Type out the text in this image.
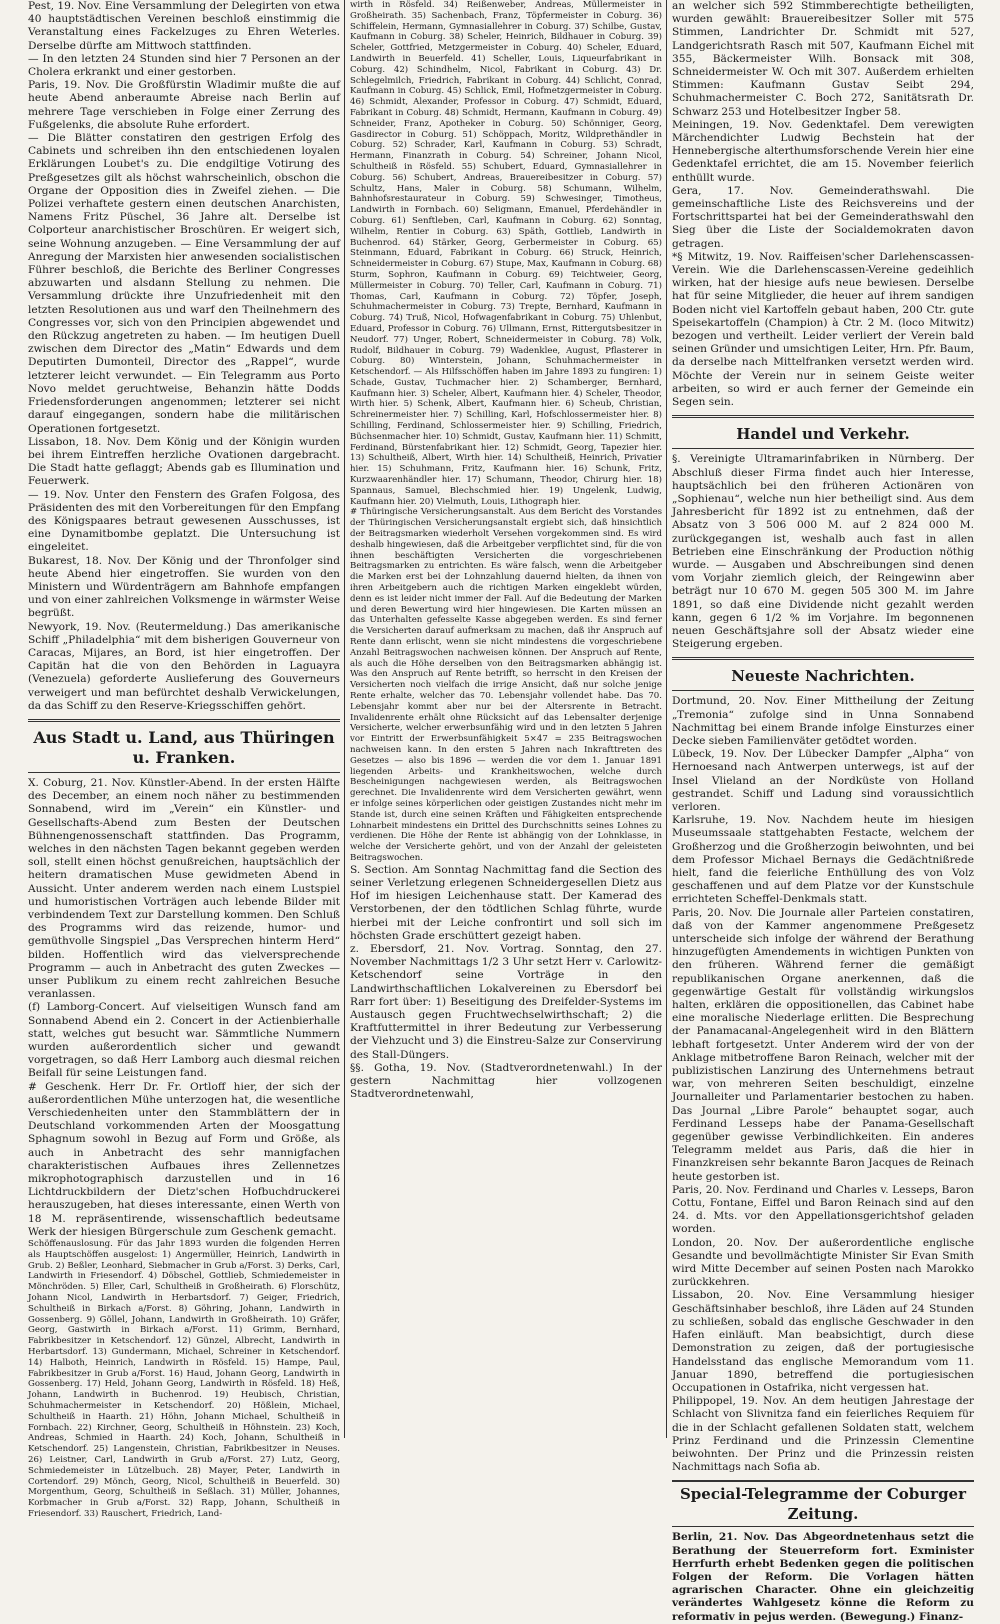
Pest, 19. Nov. Eine Versammlung der Delegirten von etwa 40 hauptstädtischen Vereinen beschloß einstimmig die Veranstaltung eines Fackelzuges zu Ehren Weterles. Derselbe dürfte am Mittwoch stattfinden.

— In den letzten 24 Stunden sind hier 7 Personen an der Cholera erkrankt und einer gestorben.

Paris, 19. Nov. Die Großfürstin Wladimir mußte die auf heute Abend anberaumte Abreise nach Berlin auf mehrere Tage verschieben in Folge einer Zerrung des Fußgelenks, die absolute Ruhe erfordert.

— Die Blätter constatiren den gestrigen Erfolg des Cabinets und schreiben ihn den entschiedenen loyalen Erklärungen Loubet's zu. Die endgiltige Votirung des Preßgesetzes gilt als höchst wahrscheinlich, obschon die Organe der Opposition dies in Zweifel ziehen. — Die Polizei verhaftete gestern einen deutschen Anarchisten, Namens Fritz Püschel, 36 Jahre alt. Derselbe ist Colporteur anarchistischer Broschüren. Er weigert sich, seine Wohnung anzugeben. — Eine Versammlung der auf Anregung der Marxisten hier anwesenden socialistischen Führer beschloß, die Berichte des Berliner Congresses abzuwarten und alsdann Stellung zu nehmen. Die Versammlung drückte ihre Unzufriedenheit mit den letzten Resolutionen aus und warf den Theilnehmern des Congresses vor, sich von den Principien abgewendet und den Rückzug angetreten zu haben. — Im heutigen Duell zwischen dem Director des „Matin“ Edwards und dem Deputirten Dumonteil, Director des „Rappel“, wurde letzterer leicht verwundet. — Ein Telegramm aus Porto Novo meldet geruchtweise, Behanzin hätte Dodds Friedensforderungen angenommen; letzterer sei nicht darauf eingegangen, sondern habe die militärischen Operationen fortgesetzt.

Lissabon, 18. Nov. Dem König und der Königin wurden bei ihrem Eintreffen herzliche Ovationen dargebracht. Die Stadt hatte geflaggt; Abends gab es Illumination und Feuerwerk.

— 19. Nov. Unter den Fenstern des Grafen Folgosa, des Präsidenten des mit den Vorbereitungen für den Empfang des Königspaares betraut gewesenen Ausschusses, ist eine Dynamitbombe geplatzt. Die Untersuchung ist eingeleitet.

Bukarest, 18. Nov. Der König und der Thronfolger sind heute Abend hier eingetroffen. Sie wurden von den Ministern und Würdenträgern am Bahnhofe empfangen und von einer zahlreichen Volksmenge in wärmster Weise begrüßt.

Newyork, 19. Nov. (Reutermeldung.) Das amerikanische Schiff „Philadelphia“ mit dem bisherigen Gouverneur von Caracas, Mijares, an Bord, ist hier eingetroffen. Der Capitän hat die von den Behörden in Laguayra (Venezuela) geforderte Auslieferung des Gouverneurs verweigert und man befürchtet deshalb Verwickelungen, da das Schiff zu den Reserve-Kriegsschiffen gehört.

Aus Stadt u. Land, aus Thüringen u. Franken.

X. Coburg, 21. Nov. Künstler-Abend. In der ersten Hälfte des December, an einem noch näher zu bestimmenden Sonnabend, wird im „Verein“ ein Künstler- und Gesellschafts-Abend zum Besten der Deutschen Bühnengenossenschaft stattfinden. Das Programm, welches in den nächsten Tagen bekannt gegeben werden soll, stellt einen höchst genußreichen, hauptsächlich der heitern dramatischen Muse gewidmeten Abend in Aussicht. Unter anderem werden nach einem Lustspiel und humoristischen Vorträgen auch lebende Bilder mit verbindendem Text zur Darstellung kommen. Den Schluß des Programms wird das reizende, humor- und gemüthvolle Singspiel „Das Versprechen hinterm Herd“ bilden. Hoffentlich wird das vielversprechende Programm — auch in Anbetracht des guten Zweckes — unser Publikum zu einem recht zahlreichen Besuche veranlassen.

(f) Lamborg-Concert. Auf vielseitigen Wunsch fand am Sonnabend Abend ein 2. Concert in der Actienbierhalle statt, welches gut besucht war. Sämmtliche Nummern wurden außerordentlich sicher und gewandt vorgetragen, so daß Herr Lamborg auch diesmal reichen Beifall für seine Leistungen fand.

# Geschenk. Herr Dr. Fr. Ortloff hier, der sich der außerordentlichen Mühe unterzogen hat, die wesentliche Verschiedenheiten unter den Stammblättern der in Deutschland vorkommenden Arten der Moosgattung Sphagnum sowohl in Bezug auf Form und Größe, als auch in Anbetracht des sehr mannigfachen charakteristischen Aufbaues ihres Zellennetzes mikrophotographisch darzustellen und in 16 Lichtdruckbildern der Dietz'schen Hofbuchdruckerei herauszugeben, hat dieses interessante, einen Werth von 18 M. repräsentirende, wissenschaftlich bedeutsame Werk der hiesigen Bürgerschule zum Geschenk gemacht.

Schöffenauslosung. Für das Jahr 1893 wurden die folgenden Herren als Hauptschöffen ausgelost: 1) Angermüller, Heinrich, Landwirth in Grub. 2) Beßler, Leonhard, Siebmacher in Grub a/Forst. 3) Derks, Carl, Landwirth in Friesendorf. 4) Döbschel, Gottlieb, Schmiedemeister in Mönchröden. 5) Eller, Carl, Schultheiß in Großheirath. 6) Florschütz, Johann Nicol, Landwirth in Herbartsdorf. 7) Geiger, Friedrich, Schultheiß in Birkach a/Forst. 8) Göhring, Johann, Landwirth in Gossenberg. 9) Göllel, Johann, Landwirth in Großheirath. 10) Gräfer, Georg, Gastwirth in Birkach a/Forst. 11) Grimm, Bernhard, Fabrikbesitzer in Ketschendorf. 12) Günzel, Albrecht, Landwirth in Herbartsdorf. 13) Gundermann, Michael, Schreiner in Ketschendorf. 14) Halboth, Heinrich, Landwirth in Rösfeld. 15) Hampe, Paul, Fabrikbesitzer in Grub a/Forst. 16) Haud, Johann Georg, Landwirth in Gossenberg. 17) Held, Johann Georg, Landwirth in Rösfeld. 18) Heß, Johann, Landwirth in Buchenrod. 19) Heubisch, Christian, Schuhmachermeister in Ketschendorf. 20) Hößlein, Michael, Schultheiß in Haarth. 21) Höhn, Johann Michael, Schultheiß in Fornbach. 22) Kirchner, Georg, Schultheiß in Höhnstein. 23) Koch, Andreas, Schmied in Haarth. 24) Koch, Johann, Schultheiß in Ketschendorf. 25) Langenstein, Christian, Fabrikbesitzer in Neuses. 26) Leistner, Carl, Landwirth in Grub a/Forst. 27) Lutz, Georg, Schmiedemeister in Lützelbuch. 28) Mayer, Peter, Landwirth in Cortendorf. 29) Mönch, Georg, Nicol, Schultheiß in Beuerfeld. 30) Morgenthum, Georg, Schultheiß in Seßlach. 31) Müller, Johannes, Korbmacher in Grub a/Forst. 32) Rapp, Johann, Schultheiß in Friesendorf. 33) Rauschert, Friedrich, Land-

wirth in Rösfeld. 34) Reißenweber, Andreas, Müllermeister in Großheirath. 35) Sachenbach, Franz, Töpfermeister in Coburg. 36) Schiffelein, Hermann, Gymnasiallehrer in Coburg. 37) Schilbe, Gustav, Kaufmann in Coburg. 38) Scheler, Heinrich, Bildhauer in Coburg. 39) Scheler, Gottfried, Metzgermeister in Coburg. 40) Scheler, Eduard, Landwirth in Beuerfeld. 41) Scheller, Louis, Liqueurfabrikant in Coburg. 42) Schindhelm, Nicol, Fabrikant in Coburg. 43) Dr. Schlegelmilch, Friedrich, Fabrikant in Coburg. 44) Schlicht, Conrad, Kaufmann in Coburg. 45) Schlick, Emil, Hofmetzgermeister in Coburg. 46) Schmidt, Alexander, Professor in Coburg. 47) Schmidt, Eduard, Fabrikant in Coburg. 48) Schmidt, Hermann, Kaufmann in Coburg. 49) Schneider, Franz, Apotheker in Coburg. 50) Schönniger, Georg, Gasdirector in Coburg. 51) Schöppach, Moritz, Wildprethändler in Coburg. 52) Schrader, Karl, Kaufmann in Coburg. 53) Schradt, Hermann, Finanzrath in Coburg. 54) Schreiner, Johann Nicol, Schultheiß in Rösfeld. 55) Schubert, Eduard, Gymnasiallehrer in Coburg. 56) Schubert, Andreas, Brauereibesitzer in Coburg. 57) Schultz, Hans, Maler in Coburg. 58) Schumann, Wilhelm, Bahnhofsrestaurateur in Coburg. 59) Schwesinger, Timotheus, Landwirth in Fornbach. 60) Seligmann, Emanuel, Pferdehändler in Coburg. 61) Senftleben, Carl, Kaufmann in Coburg. 62) Sonntag, Wilhelm, Rentier in Coburg. 63) Späth, Gottlieb, Landwirth in Buchenrod. 64) Stärker, Georg, Gerbermeister in Coburg. 65) Steinmann, Eduard, Fabrikant in Coburg. 66) Struck, Heinrich, Schneidermeister in Coburg. 67) Stupe, Max, Kaufmann in Coburg. 68) Sturm, Sophron, Kaufmann in Coburg. 69) Teichtweier, Georg, Müllermeister in Coburg. 70) Teller, Carl, Kaufmann in Coburg. 71) Thomas, Carl, Kaufmann in Coburg. 72) Töpfer, Joseph, Schuhmachermeister in Coburg. 73) Trepte, Bernhard, Kaufmann in Coburg. 74) Truß, Nicol, Hofwagenfabrikant in Coburg. 75) Uhlenbut, Eduard, Professor in Coburg. 76) Ullmann, Ernst, Rittergutsbesitzer in Neudorf. 77) Unger, Robert, Schneidermeister in Coburg. 78) Volk, Rudolf, Bildhauer in Coburg. 79) Wadenklee, August, Pflasterer in Coburg. 80) Winterstein, Johann, Schuhmachermeister in Ketschendorf. — Als Hilfsschöffen haben im Jahre 1893 zu fungiren: 1) Schade, Gustav, Tuchmacher hier. 2) Schamberger, Bernhard, Kaufmann hier. 3) Scheler, Albert, Kaufmann hier. 4) Scheler, Theodor, Wirth hier. 5) Schenk, Albert, Kaufmann hier. 6) Scheub, Christian, Schreinermeister hier. 7) Schilling, Karl, Hofschlossermeister hier. 8) Schilling, Ferdinand, Schlossermeister hier. 9) Schilling, Friedrich, Büchsenmacher hier. 10) Schmidt, Gustav, Kaufmann hier. 11) Schmitt, Ferdinand, Bürstenfabrikant hier. 12) Schmidt, Georg, Tapezier hier. 13) Schultheiß, Albert, Wirth hier. 14) Schultheiß, Heinrich, Privatier hier. 15) Schuhmann, Fritz, Kaufmann hier. 16) Schunk, Fritz, Kurzwaarenhändler hier. 17) Schumann, Theodor, Chirurg hier. 18) Spannaus, Samuel, Blechschmied hier. 19) Ungelenk, Ludwig, Kaufmann hier. 20) Vielmuth, Louis, Lithograph hier.

# Thüringische Versicherungsanstalt. Aus dem Bericht des Vorstandes der Thüringischen Versicherungsanstalt ergiebt sich, daß hinsichtlich der Beitragsmarken wiederholt Versehen vorgekommen sind. Es wird deshalb hingewiesen, daß die Arbeitgeber verpflichtet sind, für die von ihnen beschäftigten Versicherten die vorgeschriebenen Beitragsmarken zu entrichten. Es wäre falsch, wenn die Arbeitgeber die Marken erst bei der Lohnzahlung dauernd hielten, da ihnen von ihren Arbeitgebern auch die richtigen Marken eingeklebt würden, denn es ist leider nicht immer der Fall. Auf die Bedeutung der Marken und deren Bewertung wird hier hingewiesen. Die Karten müssen an das Unterhalten gefesselte Kasse abgegeben werden. Es sind ferner die Versicherten darauf aufmerksam zu machen, daß ihr Anspruch auf Rente dann erlischt, wenn sie nicht mindestens die vorgeschriebene Anzahl Beitragswochen nachweisen können. Der Anspruch auf Rente, als auch die Höhe derselben von den Beitragsmarken abhängig ist. Was den Anspruch auf Rente betrifft, so herrscht in den Kreisen der Versicherten noch vielfach die irrige Ansicht, daß nur solche jenige Rente erhalte, welcher das 70. Lebensjahr vollendet habe. Das 70. Lebensjahr kommt aber nur bei der Altersrente in Betracht. Invalidenrente erhält ohne Rücksicht auf das Lebensalter derjenige Versicherte, welcher erwerbsunfähig wird und in den letzten 5 Jahren vor Eintritt der Erwerbsunfähigkeit 5×47 = 235 Beitragswochen nachweisen kann. In den ersten 5 Jahren nach Inkrafttreten des Gesetzes — also bis 1896 — werden die vor dem 1. Januar 1891 liegenden Arbeits- und Krankheitswochen, welche durch Bescheinigungen nachgewiesen werden, als Beitragswochen gerechnet. Die Invalidenrente wird dem Versicherten gewährt, wenn er infolge seines körperlichen oder geistigen Zustandes nicht mehr im Stande ist, durch eine seinen Kräften und Fähigkeiten entsprechende Lohnarbeit mindestens ein Drittel des Durchschnitts seines Lohnes zu verdienen. Die Höhe der Rente ist abhängig von der Lohnklasse, in welche der Versicherte gehört, und von der Anzahl der geleisteten Beitragswochen.

S. Section. Am Sonntag Nachmittag fand die Section des seiner Verletzung erlegenen Schneidergesellen Dietz aus Hof im hiesigen Leichenhause statt. Der Kamerad des Verstorbenen, der den tödtlichen Schlag führte, wurde hierbei mit der Leiche confrontirt und soll sich im höchsten Grade erschüttert gezeigt haben.

z. Ebersdorf, 21. Nov. Vortrag. Sonntag, den 27. November Nachmittags 1/2 3 Uhr setzt Herr v. Carlowitz-Ketschendorf seine Vorträge in den Landwirthschaftlichen Lokalvereinen zu Ebersdorf bei Rarr fort über: 1) Beseitigung des Dreifelder-Systems im Austausch gegen Fruchtwechselwirthschaft; 2) die Kraftfuttermittel in ihrer Bedeutung zur Verbesserung der Viehzucht und 3) die Einstreu-Salze zur Conservirung des Stall-Düngers.

§§. Gotha, 19. Nov. (Stadtverordnetenwahl.) In der gestern Nachmittag hier vollzogenen Stadtverordnetenwahl,

an welcher sich 592 Stimmberechtigte betheiligten, wurden gewählt: Brauereibesitzer Soller mit 575 Stimmen, Landrichter Dr. Schmidt mit 527, Landgerichtsrath Rasch mit 507, Kaufmann Eichel mit 355, Bäckermeister Wilh. Bonsack mit 308, Schneidermeister W. Och mit 307. Außerdem erhielten Stimmen: Kaufmann Gustav Seibt 294, Schuhmachermeister C. Boch 272, Sanitätsrath Dr. Schwarz 253 und Hotelbesitzer Ingber 58.

Meiningen, 19. Nov. Gedenktafel. Dem verewigten Märchendichter Ludwig Bechstein hat der Hennebergische alterthumsforschende Verein hier eine Gedenktafel errichtet, die am 15. November feierlich enthüllt wurde.

Gera, 17. Nov. Gemeinderathswahl. Die gemeinschaftliche Liste des Reichsvereins und der Fortschrittspartei hat bei der Gemeinderathswahl den Sieg über die Liste der Socialdemokraten davon getragen.

*§ Mitwitz, 19. Nov. Raiffeisen'scher Darlehenscassen-Verein. Wie die Darlehenscassen-Vereine gedeihlich wirken, hat der hiesige aufs neue bewiesen. Derselbe hat für seine Mitglieder, die heuer auf ihrem sandigen Boden nicht viel Kartoffeln gebaut haben, 200 Ctr. gute Speisekartoffeln (Champion) à Ctr. 2 M. (loco Mitwitz) bezogen und vertheilt. Leider verliert der Verein bald seinen Gründer und umsichtigen Leiter, Hrn. Pfr. Baum, da derselbe nach Mittelfranken versetzt werden wird. Möchte der Verein nur in seinem Geiste weiter arbeiten, so wird er auch ferner der Gemeinde ein Segen sein.

Handel und Verkehr.

§. Vereinigte Ultramarinfabriken in Nürnberg. Der Abschluß dieser Firma findet auch hier Interesse, hauptsächlich bei den früheren Actionären von „Sophienau“, welche nun hier betheiligt sind. Aus dem Jahresbericht für 1892 ist zu entnehmen, daß der Absatz von 3 506 000 M. auf 2 824 000 M. zurückgegangen ist, weshalb auch fast in allen Betrieben eine Einschränkung der Production nöthig wurde. — Ausgaben und Abschreibungen sind denen vom Vorjahr ziemlich gleich, der Reingewinn aber beträgt nur 10 670 M. gegen 505 300 M. im Jahre 1891, so daß eine Dividende nicht gezahlt werden kann, gegen 6 1/2 % im Vorjahre. Im begonnenen neuen Geschäftsjahre soll der Absatz wieder eine Steigerung ergeben.

Neueste Nachrichten.

Dortmund, 20. Nov. Einer Mittheilung der Zeitung „Tremonia“ zufolge sind in Unna Sonnabend Nachmittag bei einem Brande infolge Einsturzes einer Decke sieben Familienväter getödtet worden.

Lübeck, 19. Nov. Der Lübecker Dampfer „Alpha“ von Hernoesand nach Antwerpen unterwegs, ist auf der Insel Vlieland an der Nordküste von Holland gestrandet. Schiff und Ladung sind voraussichtlich verloren.

Karlsruhe, 19. Nov. Nachdem heute im hiesigen Museumssaale stattgehabten Festacte, welchem der Großherzog und die Großherzogin beiwohnten, und bei dem Professor Michael Bernays die Gedächtnißrede hielt, fand die feierliche Enthüllung des von Volz geschaffenen und auf dem Platze vor der Kunstschule errichteten Scheffel-Denkmals statt.

Paris, 20. Nov. Die Journale aller Parteien constatiren, daß von der Kammer angenommene Preßgesetz unterscheide sich infolge der während der Berathung hinzugefügten Amendements in wichtigen Punkten von den früheren. Während ferner die gemäßigt republikanischen Organe anerkennen, daß die gegenwärtige Gestalt für vollständig wirkungslos halten, erklären die oppositionellen, das Cabinet habe eine moralische Niederlage erlitten. Die Besprechung der Panamacanal-Angelegenheit wird in den Blättern lebhaft fortgesetzt. Unter Anderem wird der von der Anklage mitbetroffene Baron Reinach, welcher mit der publizistischen Lanzirung des Unternehmens betraut war, von mehreren Seiten beschuldigt, einzelne Journalleiter und Parlamentarier bestochen zu haben. Das Journal „Libre Parole“ behauptet sogar, auch Ferdinand Lesseps habe der Panama-Gesellschaft gegenüber gewisse Verbindlichkeiten. Ein anderes Telegramm meldet aus Paris, daß die hier in Finanzkreisen sehr bekannte Baron Jacques de Reinach heute gestorben ist.

Paris, 20. Nov. Ferdinand und Charles v. Lesseps, Baron Cottu, Fontane, Eiffel und Baron Reinach sind auf den 24. d. Mts. vor den Appellationsgerichtshof geladen worden.

London, 20. Nov. Der außerordentliche englische Gesandte und bevollmächtigte Minister Sir Evan Smith wird Mitte December auf seinen Posten nach Marokko zurückkehren.

Lissabon, 20. Nov. Eine Versammlung hiesiger Geschäftsinhaber beschloß, ihre Läden auf 24 Stunden zu schließen, sobald das englische Geschwader in den Hafen einläuft. Man beabsichtigt, durch diese Demonstration zu zeigen, daß der portugiesische Handelsstand das englische Memorandum vom 11. Januar 1890, betreffend die portugiesischen Occupationen in Ostafrika, nicht vergessen hat.

Philippopel, 19. Nov. An dem heutigen Jahrestage der Schlacht von Slivnitza fand ein feierliches Requiem für die in der Schlacht gefallenen Soldaten statt, welchem Prinz Ferdinand und die Prinzessin Clementine beiwohnten. Der Prinz und die Prinzessin reisten Nachmittags nach Sofia ab.

Special-Telegramme der Coburger Zeitung.

Berlin, 21. Nov. Das Abgeordnetenhaus setzt die Berathung der Steuerreform fort. Exminister Herrfurth erhebt Bedenken gegen die politischen Folgen der Reform. Die Vorlagen hätten agrarischen Character. Ohne ein gleichzeitig verändertes Wahlgesetz könne die Reform zu reformativ in pejus werden. (Bewegung.) Finanz-
